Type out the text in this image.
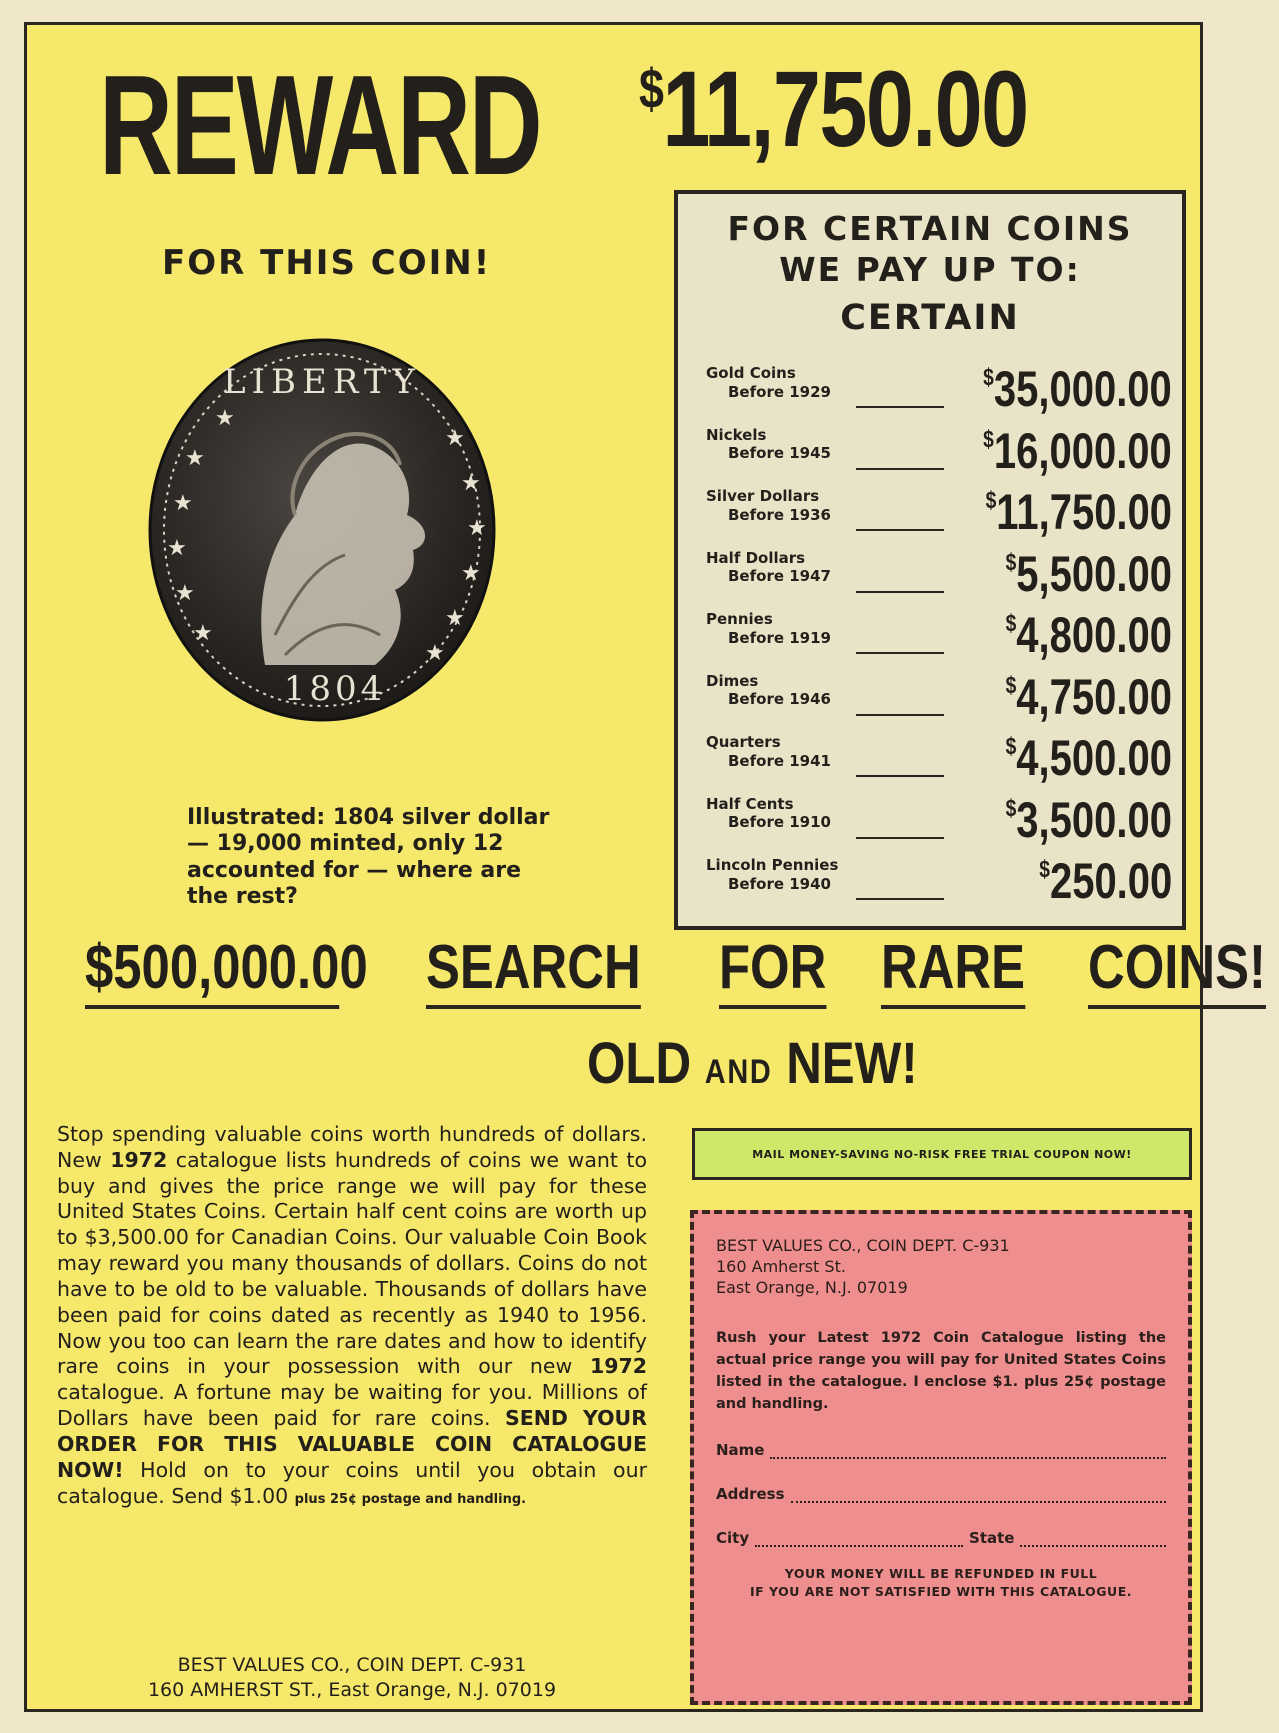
REWARD $11,750.00
FOR THIS COIN!
★
★
★
★
★
★
★
★
★
★
★
★
LIBERTY
1804
Illustrated: 1804 silver dollar — 19,000 minted, only 12 accounted for — where are the rest?
FOR CERTAIN COINS
WE PAY UP TO:
CERTAIN
Gold Coins
Before 1929
$35,000.00
Nickels
Before 1945
$16,000.00
Silver Dollars
Before 1936
$11,750.00
Half Dollars
Before 1947
$5,500.00
Pennies
Before 1919
$4,800.00
Dimes
Before 1946
$4,750.00
Quarters
Before 1941
$4,500.00
Half Cents
Before 1910
$3,500.00
Lincoln Pennies
Before 1940
$250.00
$500,000.00 SEARCH FOR RARE COINS!
OLD AND NEW!
Stop spending valuable coins worth hundreds of dollars. New 1972 catalogue lists hundreds of coins we want to buy and gives the price range we will pay for these United States Coins. Certain half cent coins are worth up to $3,500.00 for Canadian Coins. Our valuable Coin Book may reward you many thousands of dollars. Coins do not have to be old to be valuable. Thousands of dollars have been paid for coins dated as recently as 1940 to 1956. Now you too can learn the rare dates and how to identify rare coins in your possession with our new 1972 catalogue. A fortune may be waiting for you. Millions of Dollars have been paid for rare coins. SEND YOUR ORDER FOR THIS VALUABLE COIN CATALOGUE NOW! Hold on to your coins until you obtain our catalogue. Send $1.00 plus 25¢ postage and handling.
BEST VALUES CO., COIN DEPT. C-931
160 AMHERST ST., East Orange, N.J. 07019
MAIL MONEY-SAVING NO-RISK FREE TRIAL COUPON NOW!
BEST VALUES CO., COIN DEPT. C-931
160 Amherst St.
East Orange, N.J. 07019
Rush your Latest 1972 Coin Catalogue listing the actual price range you will pay for United States Coins listed in the catalogue. I enclose $1. plus 25¢ postage and handling.
Name
Address
City	State
YOUR MONEY WILL BE REFUNDED IN FULL
IF YOU ARE NOT SATISFIED WITH THIS CATALOGUE.
